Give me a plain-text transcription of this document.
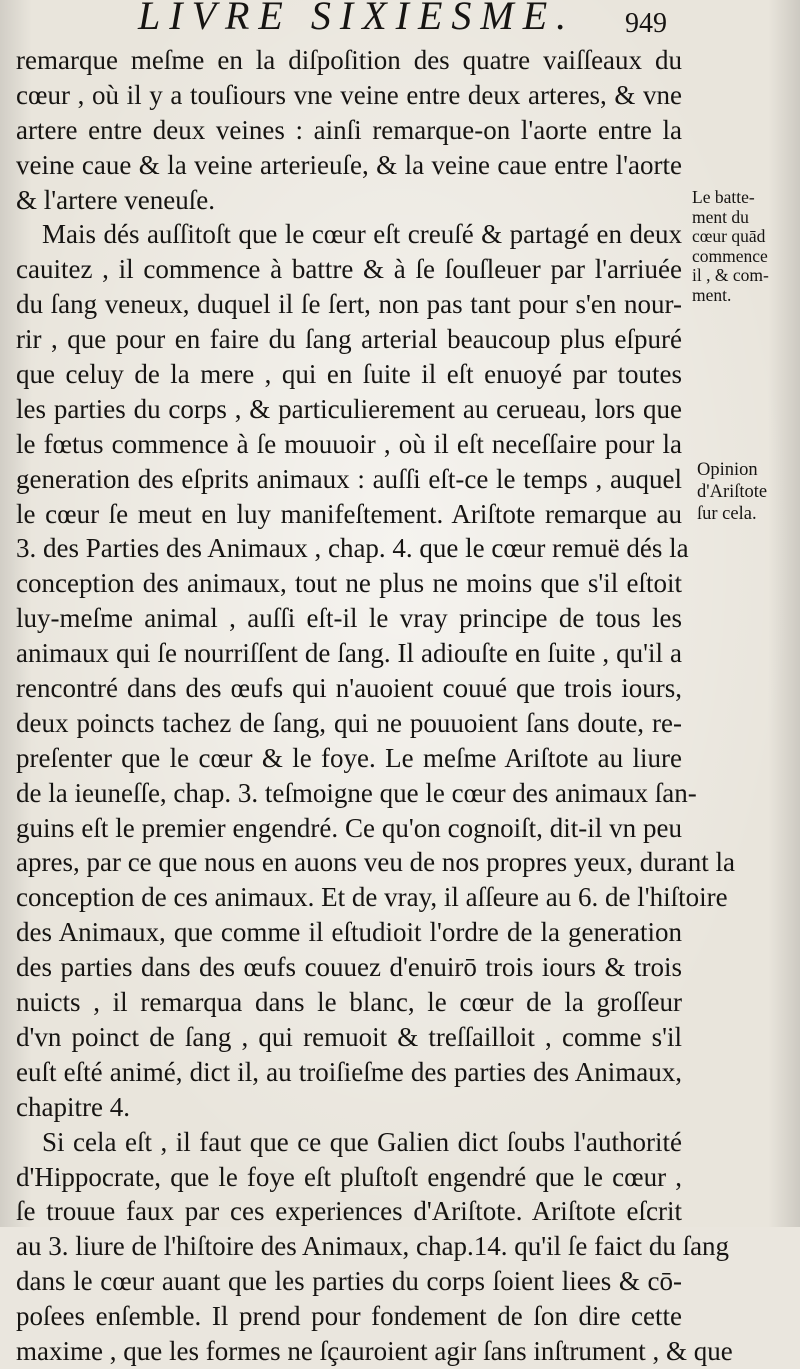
LIVRE SIXIESME. 949
remarque meſme en la diſpoſition des quatre vaiſſeaux du
cœur , où il y a touſiours vne veine entre deux arteres, & vne
artere entre deux veines : ainſi remarque-on l'aorte entre la
veine caue & la veine arterieuſe, & la veine caue entre l'aorte
& l'artere veneuſe.
Mais dés auſſitoſt que le cœur eſt creuſé & partagé en deux
cauitez , il commence à battre & à ſe ſouſleuer par l'arriuée
du ſang veneux, duquel il ſe ſert, non pas tant pour s'en nour-
rir , que pour en faire du ſang arterial beaucoup plus eſpuré
que celuy de la mere , qui en ſuite il eſt enuoyé par toutes
les parties du corps , & particulierement au cerueau, lors que
le fœtus commence à ſe mouuoir , où il eſt neceſſaire pour la
generation des eſprits animaux : auſſi eſt-ce le temps , auquel
le cœur ſe meut en luy manifeſtement. Ariſtote remarque au
3. des Parties des Animaux , chap. 4. que le cœur remuë dés la
conception des animaux, tout ne plus ne moins que s'il eſtoit
luy-meſme animal , auſſi eſt-il le vray principe de tous les
animaux qui ſe nourriſſent de ſang. Il adiouſte en ſuite , qu'il a
rencontré dans des œufs qui n'auoient couué que trois iours,
deux poincts tachez de ſang, qui ne pouuoient ſans doute, re-
preſenter que le cœur & le foye. Le meſme Ariſtote au liure
de la ieuneſſe, chap. 3. teſmoigne que le cœur des animaux ſan-
guins eſt le premier engendré. Ce qu'on cognoiſt, dit-il vn peu
apres, par ce que nous en auons veu de nos propres yeux, durant la
conception de ces animaux. Et de vray, il aſſeure au 6. de l'hiſtoire
des Animaux, que comme il eſtudioit l'ordre de la generation
des parties dans des œufs couuez d'enuirō trois iours & trois
nuicts , il remarqua dans le blanc, le cœur de la groſſeur
d'vn poinct de ſang , qui remuoit & treſſailloit , comme s'il
euſt eſté animé, dict il, au troiſieſme des parties des Animaux,
chapitre 4.
Si cela eſt , il faut que ce que Galien dict ſoubs l'authorité
d'Hippocrate, que le foye eſt pluſtoſt engendré que le cœur ,
ſe trouue faux par ces experiences d'Ariſtote. Ariſtote eſcrit
au 3. liure de l'hiſtoire des Animaux, chap.14. qu'il ſe faict du ſang
dans le cœur auant que les parties du corps ſoient liees & cō-
poſees enſemble. Il prend pour fondement de ſon dire cette
maxime , que les formes ne ſçauroient agir ſans inſtrument , & que
Le batte-
ment du
cœur quād
commence
il , & com-
ment.
Opinion
d'Ariſtote
ſur cela.
